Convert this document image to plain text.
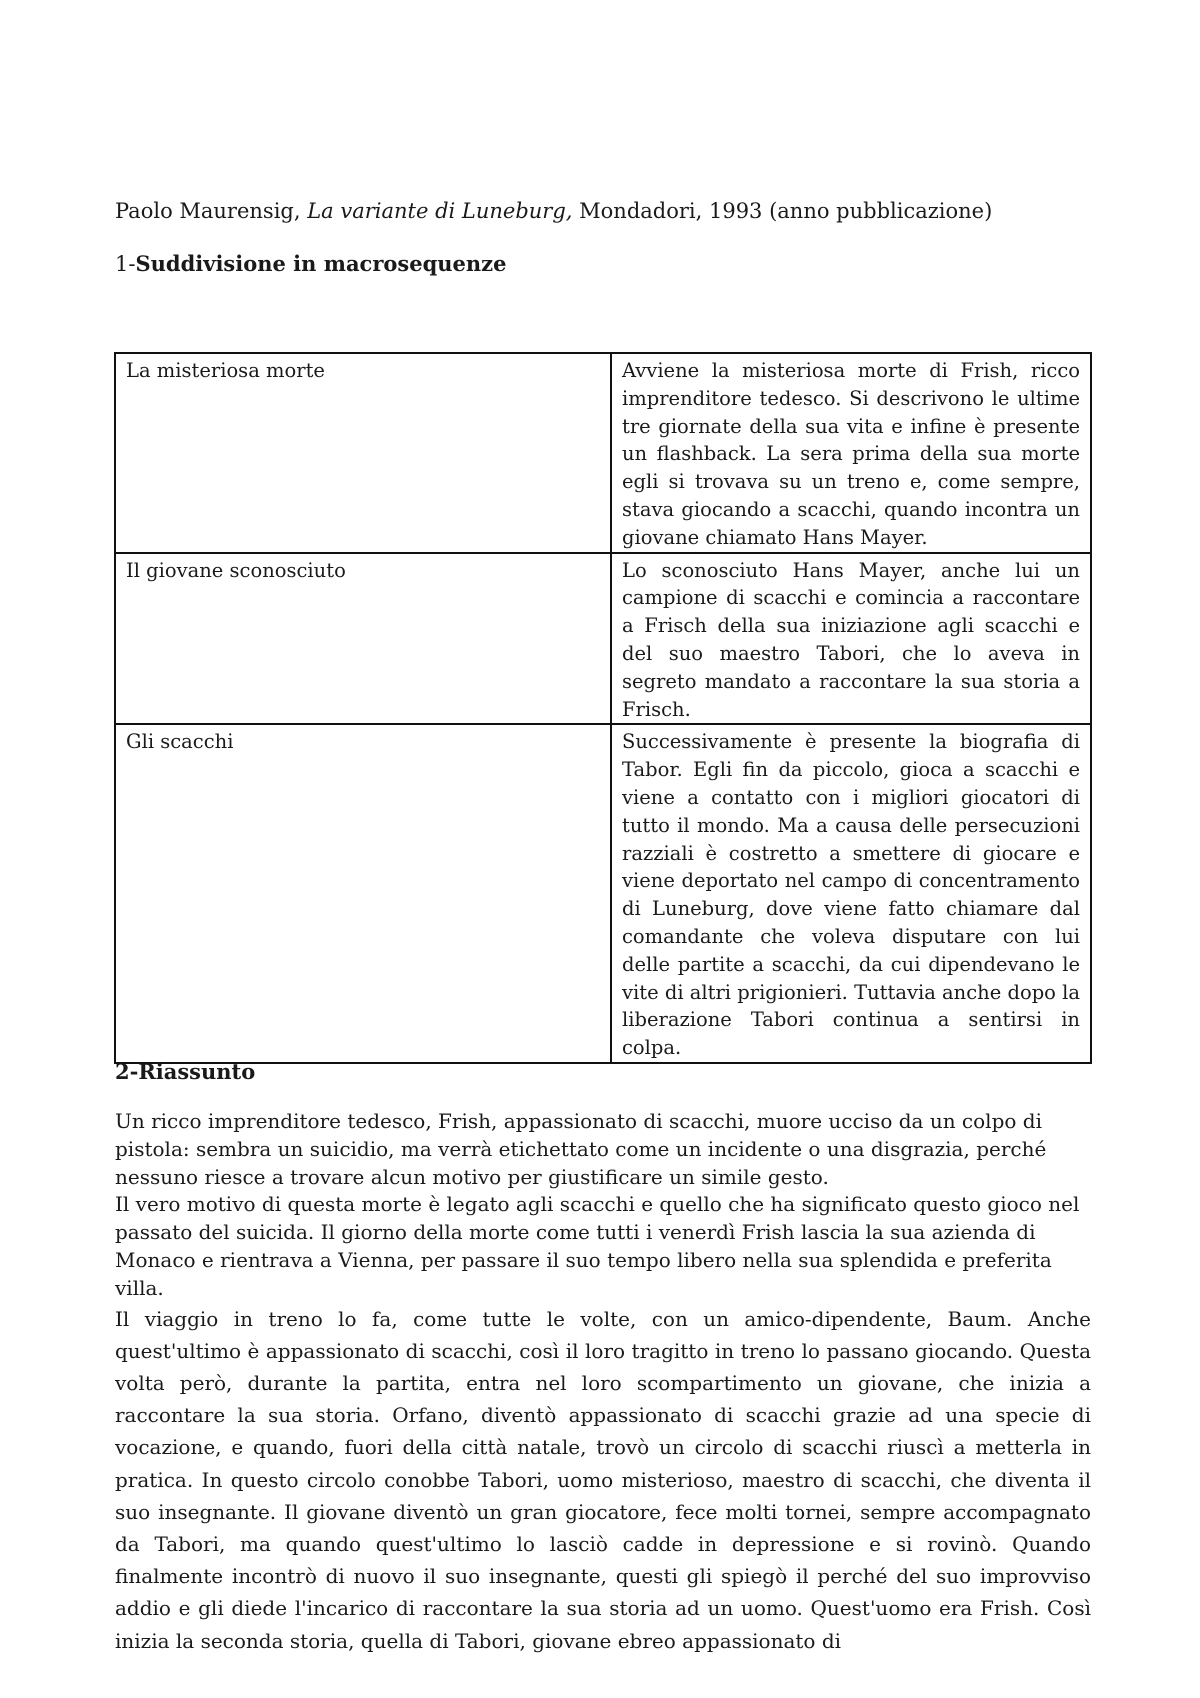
Paolo Maurensig, La variante di Luneburg, Mondadori, 1993 (anno pubblicazione)
1-Suddivisione in macrosequenze
La misteriosa morte	Avviene la misteriosa morte di Frish, ricco imprenditore tedesco. Si descrivono le ultime tre giornate della sua vita e infine è presente un flashback. La sera prima della sua morte egli si trovava su un treno e, come sempre, stava giocando a scacchi, quando incontra un giovane chiamato Hans Mayer.
Il giovane sconosciuto	Lo sconosciuto Hans Mayer, anche lui un campione di scacchi e comincia a raccontare a Frisch della sua iniziazione agli scacchi e del suo maestro Tabori, che lo aveva in segreto mandato a raccontare la sua storia a Frisch.
Gli scacchi	Successivamente è presente la biografia di Tabor. Egli fin da piccolo, gioca a scacchi e viene a contatto con i migliori giocatori di tutto il mondo. Ma a causa delle persecuzioni razziali è costretto a smettere di giocare e viene deportato nel campo di concentramento di Luneburg, dove viene fatto chiamare dal comandante che voleva disputare con lui delle partite a scacchi, da cui dipendevano le vite di altri prigionieri. Tuttavia anche dopo la liberazione Tabori continua a sentirsi in colpa.
2-Riassunto

Un ricco imprenditore tedesco, Frish, appassionato di scacchi, muore ucciso da un colpo di pistola: sembra un suicidio, ma verrà etichettato come un incidente o una disgrazia, perché nessuno riesce a trovare alcun motivo per giustificare un simile gesto.

Il vero motivo di questa morte è legato agli scacchi e quello che ha significato questo gioco nel passato del suicida. Il giorno della morte come tutti i venerdì Frish lascia la sua azienda di Monaco e rientrava a Vienna, per passare il suo tempo libero nella sua splendida e preferita villa.

Il viaggio in treno lo fa, come tutte le volte, con un amico-dipendente, Baum. Anche quest'ultimo è appassionato di scacchi, così il loro tragitto in treno lo passano giocando. Questa volta però, durante la partita, entra nel loro scompartimento un giovane, che inizia a raccontare la sua storia. Orfano, diventò appassionato di scacchi grazie ad una specie di vocazione, e quando, fuori della città natale, trovò un circolo di scacchi riuscì a metterla in pratica. In questo circolo conobbe Tabori, uomo misterioso, maestro di scacchi, che diventa il suo insegnante. Il giovane diventò un gran giocatore, fece molti tornei, sempre accompagnato da Tabori, ma quando quest'ultimo lo lasciò cadde in depressione e si rovinò. Quando finalmente incontrò di nuovo il suo insegnante, questi gli spiegò il perché del suo improvviso addio e gli diede l'incarico di raccontare la sua storia ad un uomo. Quest'uomo era Frish. Così inizia la seconda storia, quella di Tabori, giovane ebreo appassionato di
